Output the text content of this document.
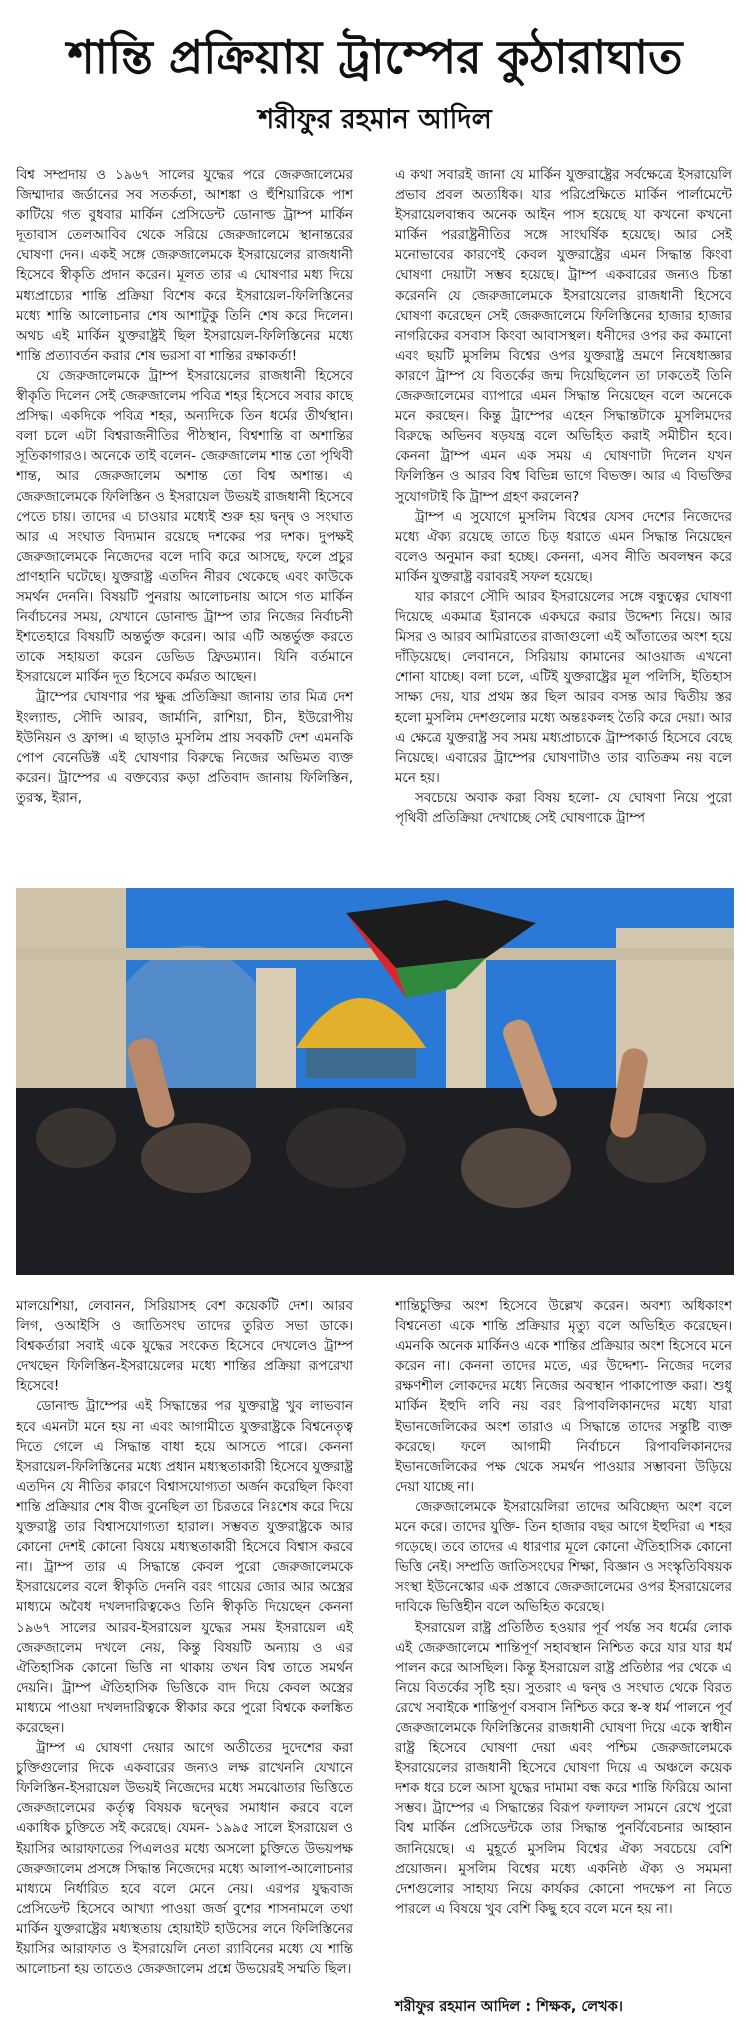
শান্তি প্রক্রিয়ায় ট্রাম্পের কুঠারাঘাত
শরীফুর রহমান আদিল

বিশ্ব সম্প্রদায় ও ১৯৬৭ সালের যুদ্ধের পরে জেরুজালেমের জিম্মাদার জর্ডানের সব সতর্কতা, আশঙ্কা ও হুঁশিয়ারিকে পাশ কাটিয়ে গত বুধবার মার্কিন প্রেসিডেন্ট ডোনাল্ড ট্রাম্প মার্কিন দূতাবাস তেলআবিব থেকে সরিয়ে জেরুজালেমে স্থানান্তরের ঘোষণা দেন। একই সঙ্গে জেরুজালেমকে ইসরায়েলের রাজধানী হিসেবে স্বীকৃতি প্রদান করেন। মূলত তার এ ঘোষণার মধ্য দিয়ে মধ্যপ্রাচ্যের শান্তি প্রক্রিয়া বিশেষ করে ইসরায়েল-ফিলিস্তিনের মধ্যে শান্তি আলোচনার শেষ আশাটুকু তিনি শেষ করে দিলেন। অথচ এই মার্কিন যুক্তরাষ্ট্রই ছিল ইসরায়েল-ফিলিস্তিনের মধ্যে শান্তি প্রত্যাবর্তন করার শেষ ভরসা বা শান্তির রক্ষাকর্তা!

যে জেরুজালেমকে ট্রাম্প ইসরায়েলের রাজধানী হিসেবে স্বীকৃতি দিলেন সেই জেরুজালেম পবিত্র শহর হিসেবে সবার কাছে প্রসিদ্ধ। একদিকে পবিত্র শহর, অন্যদিকে তিন ধর্মের তীর্থস্থান। বলা চলে এটা বিশ্বরাজনীতির পীঠস্থান, বিশ্বশান্তি বা অশান্তির সূতিকাগারও। অনেকে তাই বলেন- জেরুজালেম শান্ত তো পৃথিবী শান্ত, আর জেরুজালেম অশান্ত তো বিশ্ব অশান্ত। এ জেরুজালেমকে ফিলিস্তিন ও ইসরায়েল উভয়ই রাজধানী হিসেবে পেতে চায়। তাদের এ চাওয়ার মধ্যেই শুরু হয় দ্বন্দ্ব ও সংঘাত আর এ সংঘাত বিদ্যমান রয়েছে দশকের পর দশক। দুপক্ষই জেরুজালেমকে নিজেদের বলে দাবি করে আসছে, ফলে প্রচুর প্রাণহানি ঘটেছে। যুক্তরাষ্ট্র এতদিন নীরব থেকেছে এবং কাউকে সমর্থন দেননি। বিষয়টি পুনরায় আলোচনায় আসে গত মার্কিন নির্বাচনের সময়, যেখানে ডোনাল্ড ট্রাম্প তার নিজের নির্বাচনী ইশতেহারে বিষয়টি অন্তর্ভুক্ত করেন। আর এটি অন্তর্ভুক্ত করতে তাকে সহায়তা করেন ডেভিড ফ্রিডম্যান। যিনি বর্তমানে ইসরায়েলে মার্কিন দূত হিসেবে কর্মরত আছেন।

ট্রাম্পের ঘোষণার পর ক্ষুব্ধ প্রতিক্রিয়া জানায় তার মিত্র দেশ ইংল্যান্ড, সৌদি আরব, জার্মানি, রাশিয়া, চীন, ইউরোপীয় ইউনিয়ন ও ফ্রান্স। এ ছাড়াও মুসলিম প্রায় সবকটি দেশ এমনকি পোপ বেনেডিক্ট এই ঘোষণার বিরুদ্ধে নিজের অভিমত ব্যক্ত করেন। ট্রাম্পের এ বক্তব্যের কড়া প্রতিবাদ জানায় ফিলিস্তিন, তুরস্ক, ইরান,

এ কথা সবারই জানা যে মার্কিন যুক্তরাষ্ট্রের সর্বক্ষেত্রে ইসরায়েলি প্রভাব প্রবল অত্যধিক। যার পরিপ্রেক্ষিতে মার্কিন পার্লামেন্টে ইসরায়েলবান্ধব অনেক আইন পাস হয়েছে যা কখনো কখনো মার্কিন পররাষ্ট্রনীতির সঙ্গে সাংঘর্ষিক হয়েছে। আর সেই মনোভাবের কারণেই কেবল যুক্তরাষ্ট্রের এমন সিদ্ধান্ত কিংবা ঘোষণা দেয়াটা সম্ভব হয়েছে। ট্রাম্প একবারের জন্যও চিন্তা করেননি যে জেরুজালেমকে ইসরায়েলের রাজধানী হিসেবে ঘোষণা করেছেন সেই জেরুজালেমে ফিলিস্তিনের হাজার হাজার নাগরিকের বসবাস কিংবা আবাসস্থল। ধনীদের ওপর কর কমানো এবং ছয়টি মুসলিম বিশ্বের ওপর যুক্তরাষ্ট্র ভ্রমণে নিষেধাজ্ঞার কারণে ট্রাম্প যে বিতর্কের জন্ম দিয়েছিলেন তা ঢাকতেই তিনি জেরুজালেমের ব্যাপারে এমন সিদ্ধান্ত নিয়েছেন বলে অনেকে মনে করছেন। কিন্তু ট্রাম্পের এহেন সিদ্ধান্তটাকে মুসলিমদের বিরুদ্ধে অভিনব ষড়যন্ত্র বলে অভিহিত করাই সমীচীন হবে। কেননা ট্রাম্প এমন এক সময় এ ঘোষণাটা দিলেন যখন ফিলিস্তিন ও আরব বিশ্ব বিভিন্ন ভাগে বিভক্ত। আর এ বিভক্তির সুযোগটাই কি ট্রাম্প গ্রহণ করলেন?

ট্রাম্প এ সুযোগে মুসলিম বিশ্বের যেসব দেশের নিজেদের মধ্যে ঐক্য রয়েছে তাতে চিড় ধরাতে এমন সিদ্ধান্ত নিয়েছেন বলেও অনুমান করা হচ্ছে। কেননা, এসব নীতি অবলম্বন করে মার্কিন যুক্তরাষ্ট্র বরাবরই সফল হয়েছে।

যার কারণে সৌদি আরব ইসরায়েলের সঙ্গে বন্ধুত্বের ঘোষণা দিয়েছে একমাত্র ইরানকে একঘরে করার উদ্দেশ্য নিয়ে। আর মিসর ও আরব আমিরাতের রাজাগুলো এই আঁতাতের অংশ হয়ে দাঁড়িয়েছে। লেবাননে, সিরিয়ায় কামানের আওয়াজ এখনো শোনা যাচ্ছে। বলা চলে, এটিই যুক্তরাষ্ট্রের মূল পলিসি, ইতিহাস সাক্ষ্য দেয়, যার প্রথম স্তর ছিল আরব বসন্ত আর দ্বিতীয় স্তর হলো মুসলিম দেশগুলোর মধ্যে অন্তঃকলহ তৈরি করে দেয়া। আর এ ক্ষেত্রে যুক্তরাষ্ট্র সব সময় মধ্যপ্রাচ্যকে ট্রাম্পকার্ড হিসেবে বেছে নিয়েছে। এবারের ট্রাম্পের ঘোষণাটাও তার ব্যতিক্রম নয় বলে মনে হয়।

সবচেয়ে অবাক করা বিষয় হলো- যে ঘোষণা নিয়ে পুরো পৃথিবী প্রতিক্রিয়া দেখাচ্ছে সেই ঘোষণাকে ট্রাম্প

মালয়েশিয়া, লেবানন, সিরিয়াসহ বেশ কয়েকটি দেশ। আরব লিগ, ওআইসি ও জাতিসংঘ তাদের তুরিত সভা ডাকে। বিশ্বকর্তারা সবাই একে যুদ্ধের সংকেত হিসেবে দেখলেও ট্রাম্প দেখছেন ফিলিস্তিন-ইসরায়েলের মধ্যে শান্তির প্রক্রিয়া রূপরেখা হিসেবে!

ডোনাল্ড ট্রাম্পের এই সিদ্ধান্তের পর যুক্তরাষ্ট্র খুব লাভবান হবে এমনটা মনে হয় না এবং আগামীতে যুক্তরাষ্ট্রকে বিশ্বনেতৃত্ব দিতে গেলে এ সিদ্ধান্ত বাধা হয়ে আসতে পারে। কেননা ইসরায়েল-ফিলিস্তিনের মধ্যে প্রধান মধ্যস্থতাকারী হিসেবে যুক্তরাষ্ট্র এতদিন যে নীতির কারণে বিশ্বাসযোগ্যতা অর্জন করেছিল কিংবা শান্তি প্রক্রিয়ার শেষ বীজ বুনেছিল তা চিরতরে নিঃশেষ করে দিয়ে যুক্তরাষ্ট্র তার বিশ্বাসযোগ্যতা হারাল। সম্ভবত যুক্তরাষ্ট্রকে আর কোনো দেশই কোনো বিষয়ে মধ্যস্থতাকারী হিসেবে বিশ্বাস করবে না। ট্রাম্প তার এ সিদ্ধান্তে কেবল পুরো জেরুজালেমকে ইসরায়েলের বলে স্বীকৃতি দেননি বরং গায়ের জোর আর অস্ত্রের মাধ্যমে অবৈধ দখলদারিত্বকেও তিনি স্বীকৃতি দিয়েছেন কেননা ১৯৬৭ সালের আরব-ইসরায়েল যুদ্ধের সময় ইসরায়েল এই জেরুজালেম দখলে নেয়, কিন্তু বিষয়টি অন্যায় ও এর ঐতিহাসিক কোনো ভিত্তি না থাকায় তখন বিশ্ব তাতে সমর্থন দেয়নি। ট্রাম্প ঐতিহাসিক ভিত্তিকে বাদ দিয়ে কেবল অস্ত্রের মাধ্যমে পাওয়া দখলদারিত্বকে স্বীকার করে পুরো বিশ্বকে কলঙ্কিত করেছেন।

ট্রাম্প এ ঘোষণা দেয়ার আগে অতীতের দুদেশের করা চুক্তিগুলোর দিকে একবারের জন্যও লক্ষ রাখেননি যেখানে ফিলিস্তিন-ইসরায়েল উভয়ই নিজেদের মধ্যে সমঝোতার ভিত্তিতে জেরুজালেমের কর্তৃত্ব বিষয়ক দ্বন্দ্বের সমাধান করবে বলে একাধিক চুক্তিতে সই করেছে। যেমন- ১৯৯৫ সালে ইসরায়েল ও ইয়াসির আরাফাতের পিএলওর মধ্যে অসলো চুক্তিতে উভয়পক্ষ জেরুজালেম প্রসঙ্গে সিদ্ধান্ত নিজেদের মধ্যে আলাপ-আলোচনার মাধ্যমে নির্ধারিত হবে বলে মেনে নেয়। এরপর যুদ্ধবাজ প্রেসিডেন্ট হিসেবে আখ্যা পাওয়া জর্জ বুশের শাসনামলে তথা মার্কিন যুক্তরাষ্ট্রের মধ্যস্থতায় হোয়াইট হাউসের লনে ফিলিস্তিনের ইয়াসির আরাফাত ও ইসরায়েলি নেতা র‍্যাবিনের মধ্যে যে শান্তি আলোচনা হয় তাতেও জেরুজালেম প্রশ্নে উভয়েরই সম্মতি ছিল।

শান্তিচুক্তির অংশ হিসেবে উল্লেখ করেন। অবশ্য অধিকাংশ বিশ্বনেতা একে শান্তি প্রক্রিয়ার মৃত্যু বলে অভিহিত করেছেন। এমনকি অনেক মার্কিনও একে শান্তির প্রক্রিয়ার অংশ হিসেবে মনে করেন না। কেননা তাদের মতে, এর উদ্দেশ্য- নিজের দলের রক্ষণশীল লোকদের মধ্যে নিজের অবস্থান পাকাপোক্ত করা। শুধু মার্কিন ইহুদি লবি নয় বরং রিপাবলিকানদের মধ্যে যারা ইভানজেলিকের অংশ তারাও এ সিদ্ধান্তে তাদের সন্তুষ্টি ব্যক্ত করেছে। ফলে আগামী নির্বাচনে রিপাবলিকানদের ইভানজেলিকের পক্ষ থেকে সমর্থন পাওয়ার সম্ভাবনা উড়িয়ে দেয়া যাচ্ছে না।

জেরুজালেমকে ইসরায়েলিরা তাদের অবিচ্ছেদ্য অংশ বলে মনে করে। তাদের যুক্তি- তিন হাজার বছর আগে ইহুদিরা এ শহর গড়েছে। তবে তাদের এ ধারণার মূলে কোনো ঐতিহাসিক কোনো ভিত্তি নেই। সম্প্রতি জাতিসংঘের শিক্ষা, বিজ্ঞান ও সংস্কৃতিবিষয়ক সংস্থা ইউনেস্কোর এক প্রস্তাবে জেরুজালেমের ওপর ইসরায়েলের দাবিকে ভিত্তিহীন বলে অভিহিত করেছে।

ইসরায়েল রাষ্ট্র প্রতিষ্ঠিত হওয়ার পূর্ব পর্যন্ত সব ধর্মের লোক এই জেরুজালেমে শান্তিপূর্ণ সহাবস্থান নিশ্চিত করে যার যার ধর্ম পালন করে আসছিল। কিন্তু ইসরায়েল রাষ্ট্র প্রতিষ্ঠার পর থেকে এ নিয়ে বিতর্কের সৃষ্টি হয়। সুতরাং এ দ্বন্দ্ব ও সংঘাত থেকে বিরত রেখে সবাইকে শান্তিপূর্ণ বসবাস নিশ্চিত করে স্ব-স্ব ধর্ম পালনে পূর্ব জেরুজালেমকে ফিলিস্তিনের রাজধানী ঘোষণা দিয়ে একে স্বাধীন রাষ্ট্র হিসেবে ঘোষণা দেয়া এবং পশ্চিম জেরুজালেমকে ইসরায়েলের রাজধানী হিসেবে ঘোষণা দিয়ে এ অঞ্চলে কয়েক দশক ধরে চলে আসা যুদ্ধের দামামা বন্ধ করে শান্তি ফিরিয়ে আনা সম্ভব। ট্রাম্পের এ সিদ্ধান্তের বিরূপ ফলাফল সামনে রেখে পুরো বিশ্ব মার্কিন প্রেসিডেন্টকে তার সিদ্ধান্ত পুনর্বিবেচনার আহ্বান জানিয়েছে। এ মুহূর্তে মুসলিম বিশ্বের ঐক্য সবচেয়ে বেশি প্রয়োজন। মুসলিম বিশ্বের মধ্যে একনিষ্ঠ ঐক্য ও সমমনা দেশগুলোর সাহায্য নিয়ে কার্যকর কোনো পদক্ষেপ না নিতে পারলে এ বিষয়ে খুব বেশি কিছু হবে বলে মনে হয় না।

শরীফুর রহমান আদিল : শিক্ষক, লেখক।
